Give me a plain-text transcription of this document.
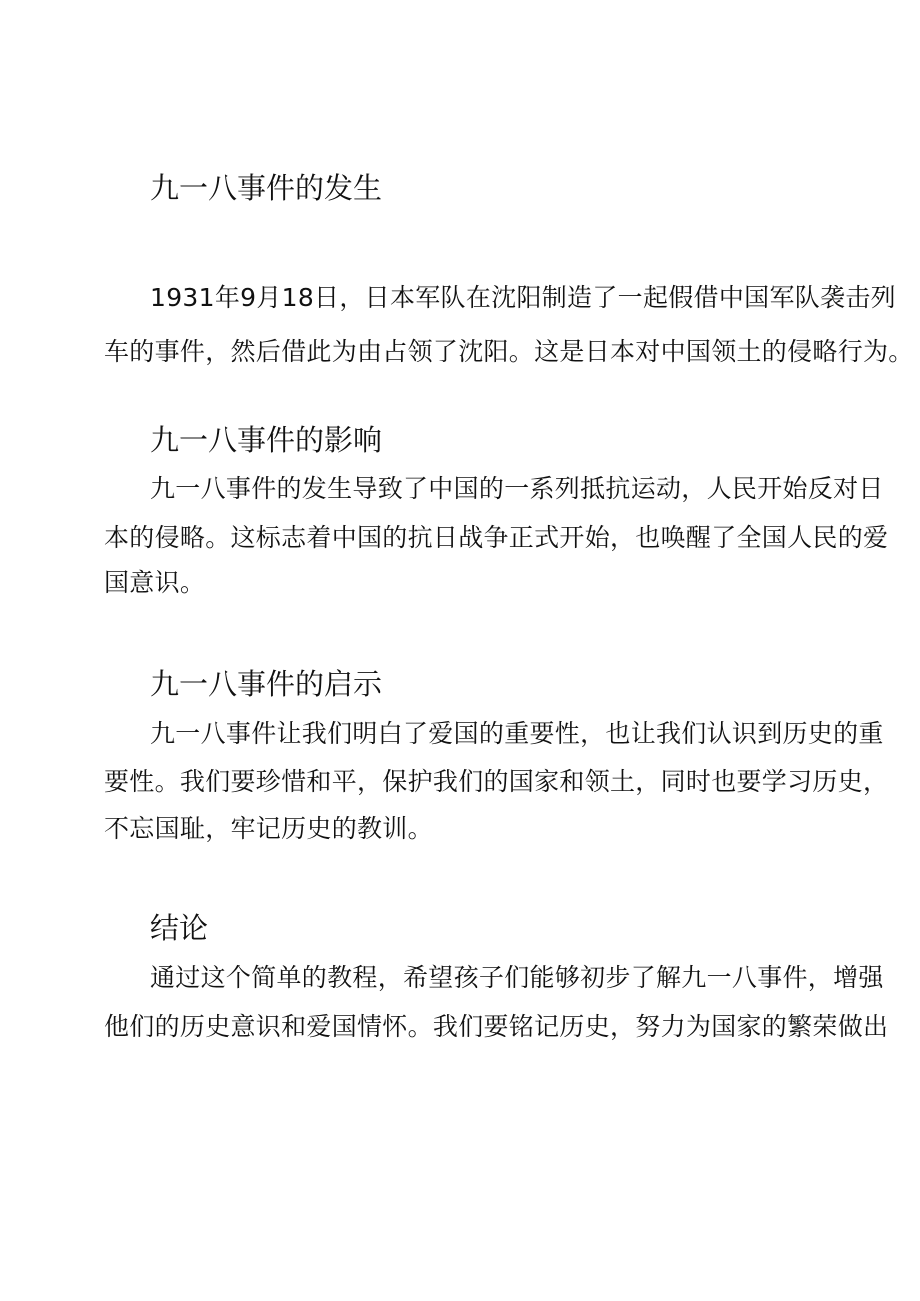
九一八事件的发生

1931年9月18日，日本军队在沈阳制造了一起假借中国军队袭击列

车的事件，然后借此为由占领了沈阳。这是日本对中国领土的侵略行为。

九一八事件的影响

九一八事件的发生导致了中国的一系列抵抗运动，人民开始反对日

本的侵略。这标志着中国的抗日战争正式开始，也唤醒了全国人民的爱

国意识。

九一八事件的启示

九一八事件让我们明白了爱国的重要性，也让我们认识到历史的重

要性。我们要珍惜和平，保护我们的国家和领土，同时也要学习历史，

不忘国耻，牢记历史的教训。

结论

通过这个简单的教程，希望孩子们能够初步了解九一八事件，增强

他们的历史意识和爱国情怀。我们要铭记历史，努力为国家的繁荣做出
